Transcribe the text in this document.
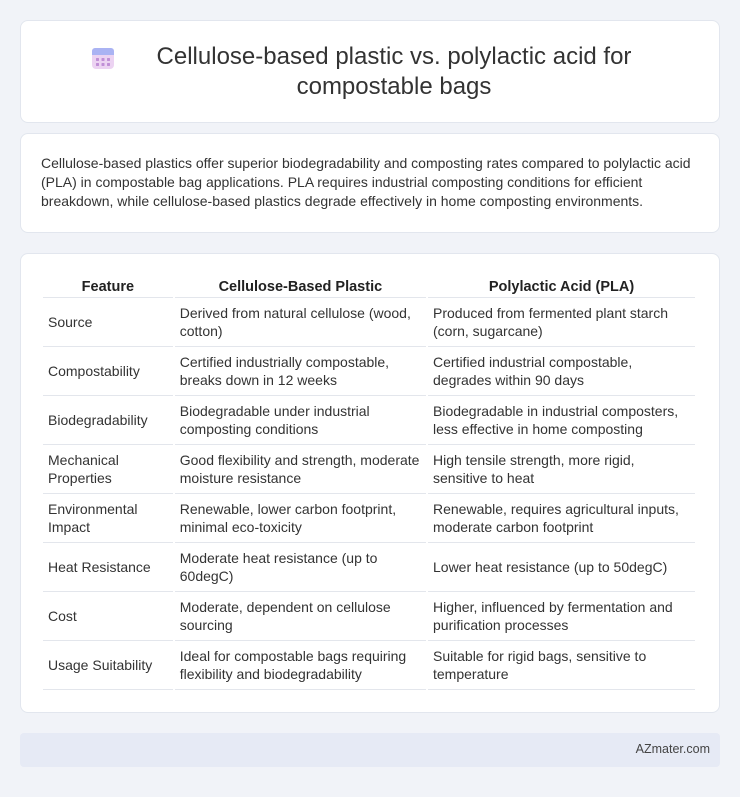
Cellulose-based plastic vs. polylactic acid for compostable bags

Cellulose-based plastics offer superior biodegradability and composting rates compared to polylactic acid (PLA) in compostable bag applications. PLA requires industrial composting conditions for efficient breakdown, while cellulose-based plastics degrade effectively in home composting environments.

Feature	Cellulose-Based Plastic	Polylactic Acid (PLA)
Source	Derived from natural cellulose (wood, cotton)	Produced from fermented plant starch (corn, sugarcane)
Compostability	Certified industrially compostable, breaks down in 12 weeks	Certified industrial compostable, degrades within 90 days
Biodegradability	Biodegradable under industrial composting conditions	Biodegradable in industrial composters, less effective in home composting
Mechanical Properties	Good flexibility and strength, moderate moisture resistance	High tensile strength, more rigid, sensitive to heat
Environmental Impact	Renewable, lower carbon footprint, minimal eco-toxicity	Renewable, requires agricultural inputs, moderate carbon footprint
Heat Resistance	Moderate heat resistance (up to 60degC)	Lower heat resistance (up to 50degC)
Cost	Moderate, dependent on cellulose sourcing	Higher, influenced by fermentation and purification processes
Usage Suitability	Ideal for compostable bags requiring flexibility and biodegradability	Suitable for rigid bags, sensitive to temperature
AZmater.com
